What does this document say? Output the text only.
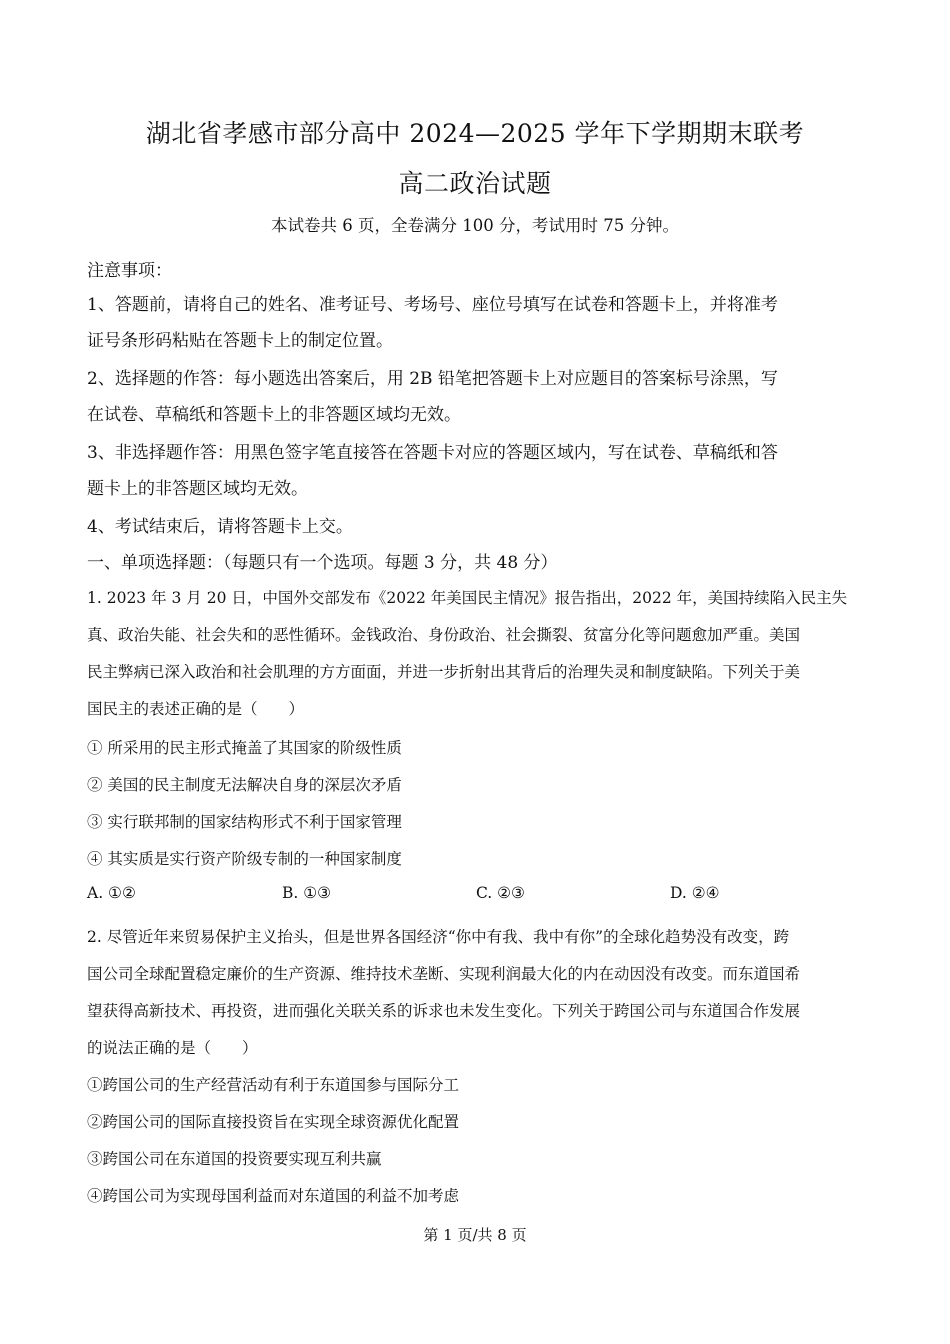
湖北省孝感市部分高中 2024—2025 学年下学期期末联考
高二政治试题
本试卷共 6 页，全卷满分 100 分，考试用时 75 分钟。
注意事项：
1、答题前，请将自己的姓名、准考证号、考场号、座位号填写在试卷和答题卡上，并将准考
证号条形码粘贴在答题卡上的制定位置。
2、选择题的作答：每小题选出答案后，用 2B 铅笔把答题卡上对应题目的答案标号涂黑，写
在试卷、草稿纸和答题卡上的非答题区域均无效。
3、非选择题作答：用黑色签字笔直接答在答题卡对应的答题区域内，写在试卷、草稿纸和答
题卡上的非答题区域均无效。
4、考试结束后，请将答题卡上交。
一、单项选择题：（每题只有一个选项。每题 3 分，共 48 分）
1. 2023 年 3 月 20 日，中国外交部发布《2022 年美国民主情况》报告指出，2022 年，美国持续陷入民主失
真、政治失能、社会失和的恶性循环。金钱政治、身份政治、社会撕裂、贫富分化等问题愈加严重。美国
民主弊病已深入政治和社会肌理的方方面面，并进一步折射出其背后的治理失灵和制度缺陷。下列关于美
国民主的表述正确的是（　　）
① 所采用的民主形式掩盖了其国家的阶级性质
② 美国的民主制度无法解决自身的深层次矛盾
③ 实行联邦制的国家结构形式不利于国家管理
④ 其实质是实行资产阶级专制的一种国家制度
A. ①②	B. ①③	C. ②③	D. ②④
2. 尽管近年来贸易保护主义抬头，但是世界各国经济“你中有我、我中有你”的全球化趋势没有改变，跨
国公司全球配置稳定廉价的生产资源、维持技术垄断、实现利润最大化的内在动因没有改变。而东道国希
望获得高新技术、再投资，进而强化关联关系的诉求也未发生变化。下列关于跨国公司与东道国合作发展
的说法正确的是（　　）
①跨国公司的生产经营活动有利于东道国参与国际分工
②跨国公司的国际直接投资旨在实现全球资源优化配置
③跨国公司在东道国的投资要实现互利共赢
④跨国公司为实现母国利益而对东道国的利益不加考虑
第 1 页/共 8 页
